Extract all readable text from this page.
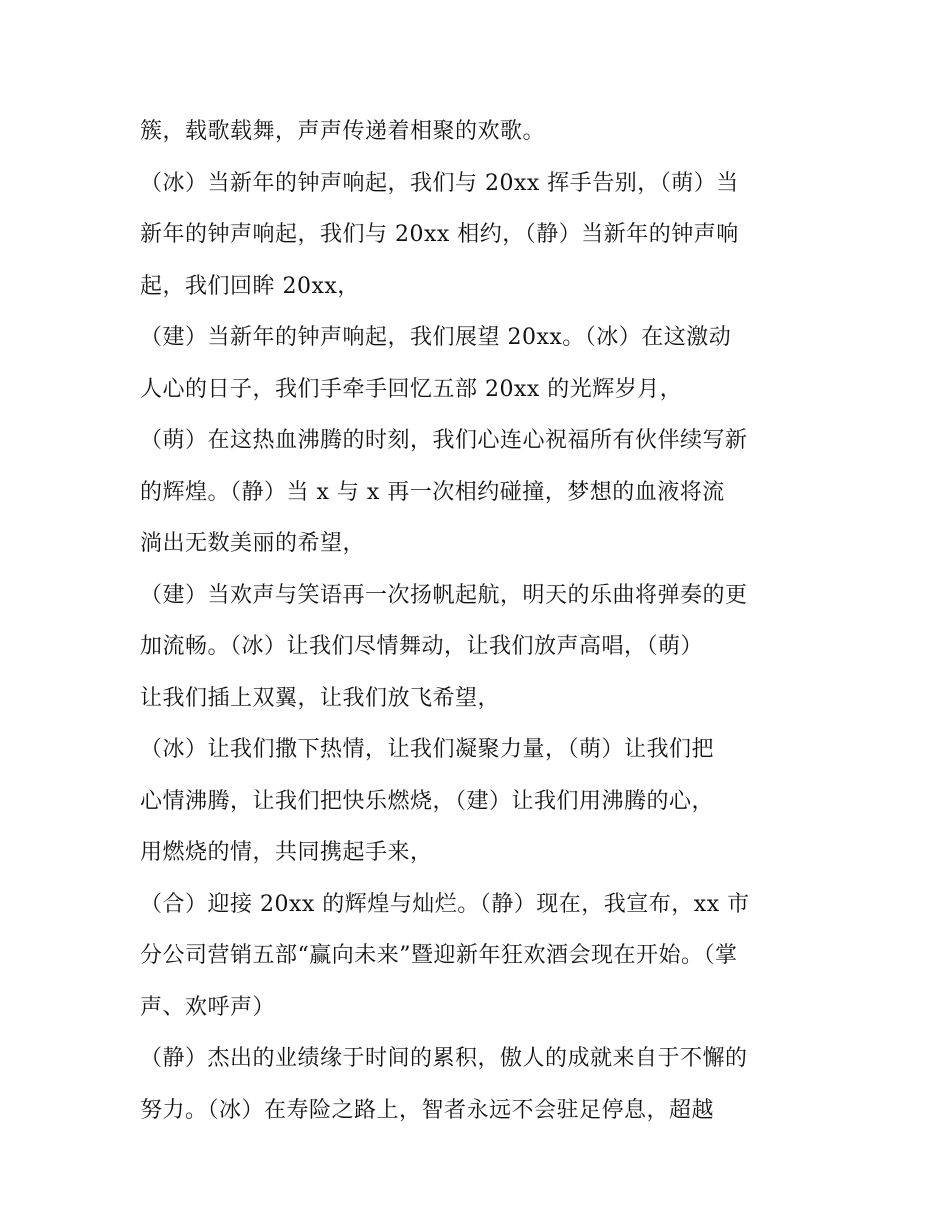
簇，载歌载舞，声声传递着相聚的欢歌。
（冰）当新年的钟声响起，我们与 20xx 挥手告别，（萌）当
新年的钟声响起，我们与 20xx 相约，（静）当新年的钟声响
起，我们回眸 20xx，
（建）当新年的钟声响起，我们展望 20xx。（冰）在这激动
人心的日子，我们手牵手回忆五部 20xx 的光辉岁月，
（萌）在这热血沸腾的时刻，我们心连心祝福所有伙伴续写新
的辉煌。（静）当 x 与 x 再一次相约碰撞，梦想的血液将流
淌出无数美丽的希望，
（建）当欢声与笑语再一次扬帆起航，明天的乐曲将弹奏的更
加流畅。（冰）让我们尽情舞动，让我们放声高唱，（萌）
让我们插上双翼，让我们放飞希望，
（冰）让我们撒下热情，让我们凝聚力量，（萌）让我们把
心情沸腾，让我们把快乐燃烧，（建）让我们用沸腾的心，
用燃烧的情，共同携起手来，
（合）迎接 20xx 的辉煌与灿烂。（静）现在，我宣布，xx 市
分公司营销五部“赢向未来”暨迎新年狂欢酒会现在开始。（掌
声、欢呼声）
（静）杰出的业绩缘于时间的累积，傲人的成就来自于不懈的
努力。（冰）在寿险之路上，智者永远不会驻足停息，超越
